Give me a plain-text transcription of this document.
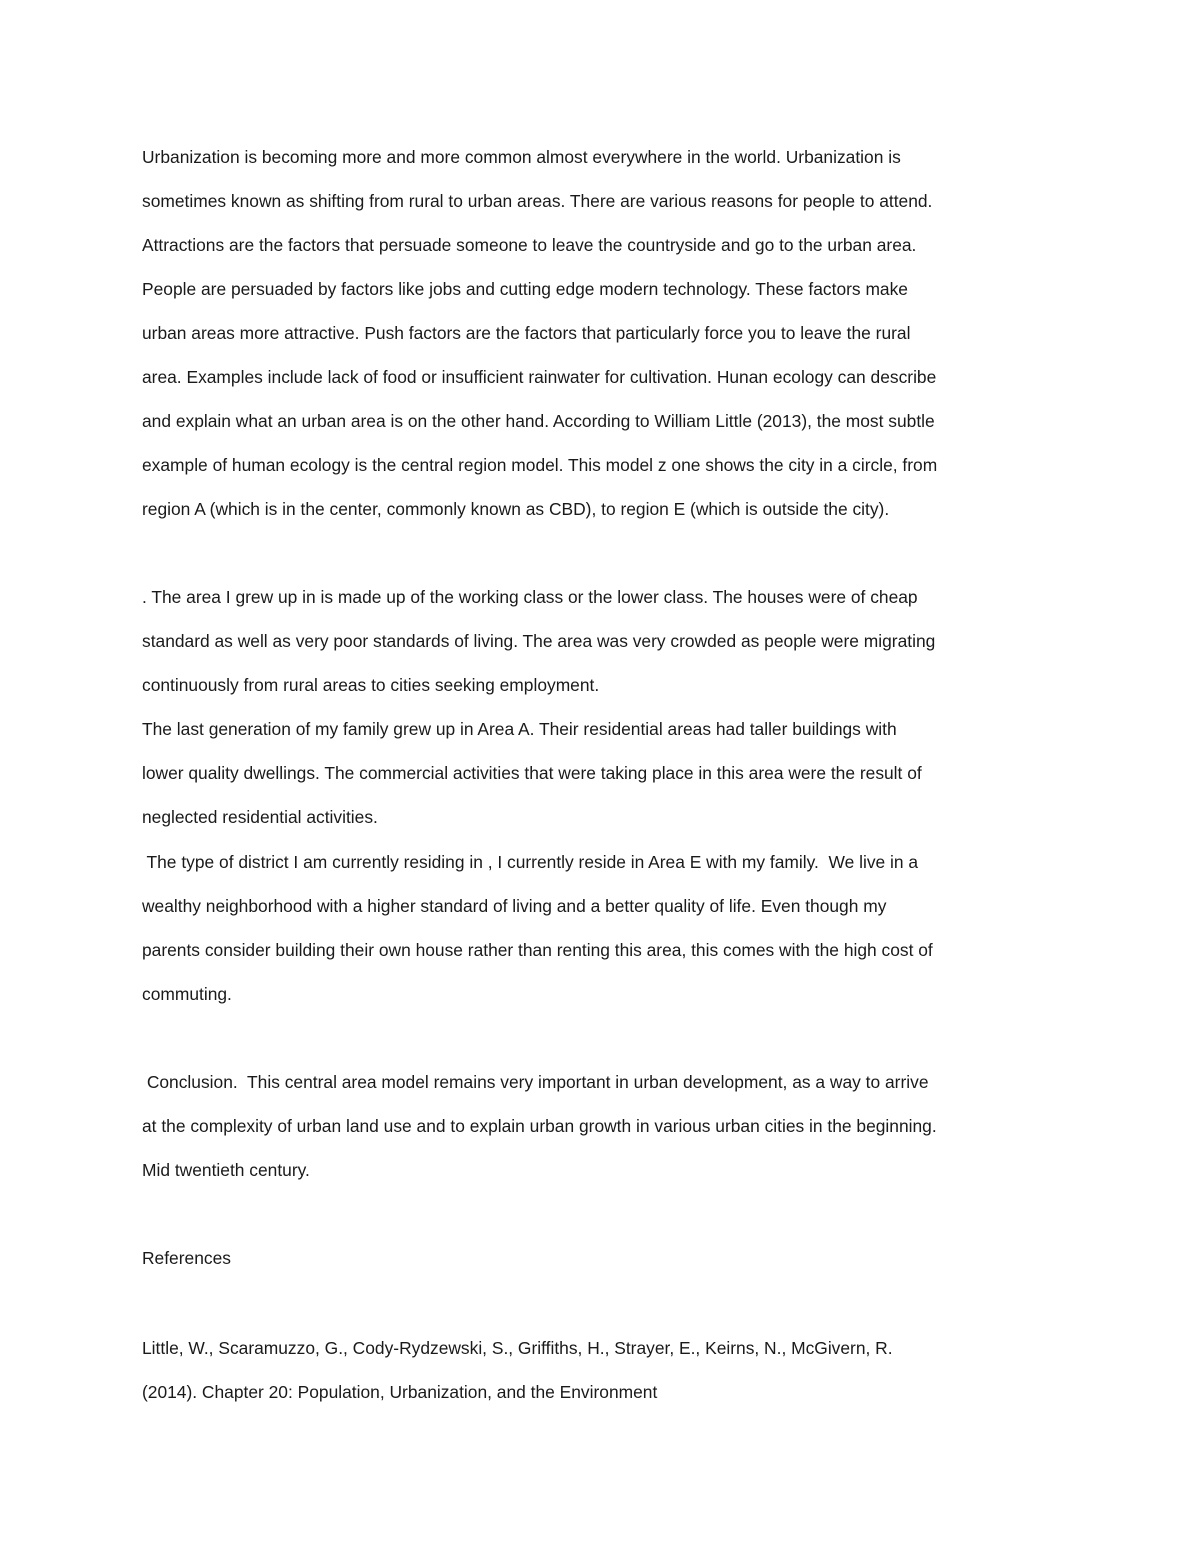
Urbanization is becoming more and more common almost everywhere in the world. Urbanization is

sometimes known as shifting from rural to urban areas. There are various reasons for people to attend.

Attractions are the factors that persuade someone to leave the countryside and go to the urban area.

People are persuaded by factors like jobs and cutting edge modern technology. These factors make

urban areas more attractive. Push factors are the factors that particularly force you to leave the rural

area. Examples include lack of food or insufficient rainwater for cultivation. Hunan ecology can describe

and explain what an urban area is on the other hand. According to William Little (2013), the most subtle

example of human ecology is the central region model. This model z one shows the city in a circle, from

region A (which is in the center, commonly known as CBD), to region E (which is outside the city).

. The area I grew up in is made up of the working class or the lower class. The houses were of cheap

standard as well as very poor standards of living. The area was very crowded as people were migrating

continuously from rural areas to cities seeking employment.

The last generation of my family grew up in Area A. Their residential areas had taller buildings with

lower quality dwellings. The commercial activities that were taking place in this area were the result of

neglected residential activities.

The type of district I am currently residing in , I currently reside in Area E with my family.  We live in a

wealthy neighborhood with a higher standard of living and a better quality of life. Even though my

parents consider building their own house rather than renting this area, this comes with the high cost of

commuting.

Conclusion.  This central area model remains very important in urban development, as a way to arrive

at the complexity of urban land use and to explain urban growth in various urban cities in the beginning.

Mid twentieth century.

References

Little, W., Scaramuzzo, G., Cody-Rydzewski, S., Griffiths, H., Strayer, E., Keirns, N., McGivern, R.

(2014). Chapter 20: Population, Urbanization, and the Environment
